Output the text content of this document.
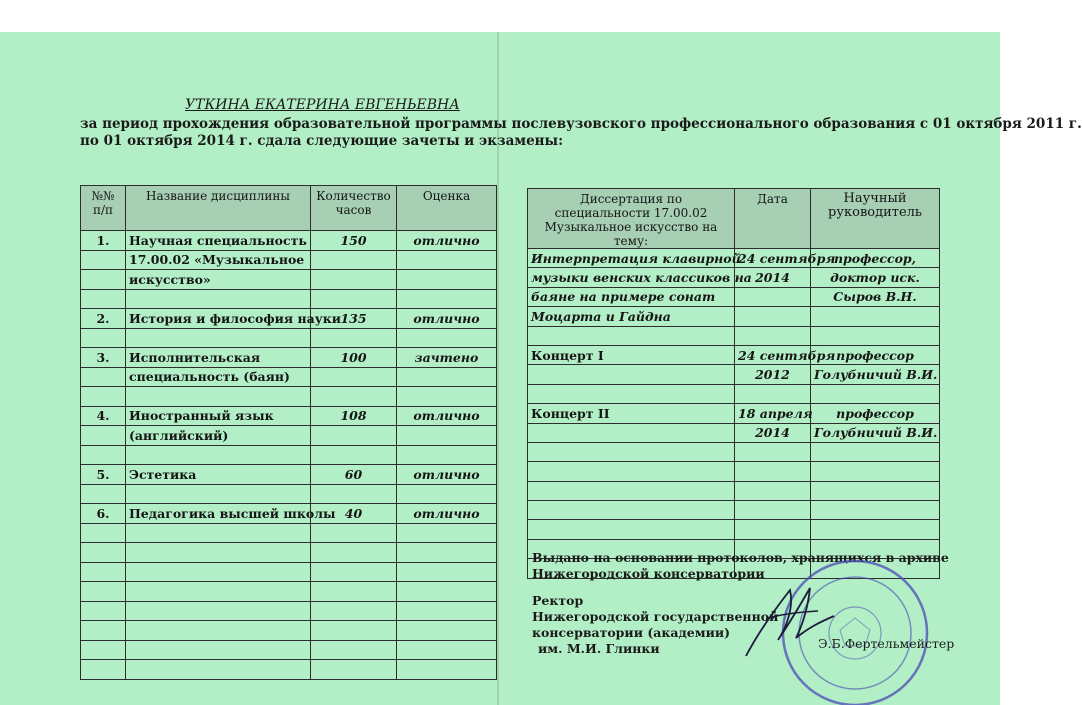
УТКИНА ЕКАТЕРИНА ЕВГЕНЬЕВНА
за период прохождения образовательной программы послевузовского профессионального образования с 01 октября 2011 г.
по 01 октября 2014 г. сдала следующие зачеты и экзамены:
№№ п/п	Название дисциплины	Количество часов	Оценка
1.	Научная специальность	150	отлично
	17.00.02 «Музыкальное		
	искусство»		

2.	История и философия науки	135	отлично

3.	Исполнительская	100	зачтено
	специальность (баян)		

4.	Иностранный язык	108	отлично
	(английский)		

5.	Эстетика	60	отлично

6.	Педагогика высшей школы	40	отлично

Диссертация по специальности 17.00.02 Музыкальное искусство на тему:	Дата	Научный руководитель
Интерпретация клавирной	24 сентября	профессор,
музыки венских классиков на	2014	доктор иск.
баяне на примере сонат		Сыров В.Н.
Моцарта и Гайдна		

Концерт I	24 сентября	профессор
	2012	Голубничий В.И.

Концерт II	18 апреля	профессор
	2014	Голубничий В.И.

Выдано на основании протоколов, хранящихся в архиве
Нижегородской консерватории
Ректор
Нижегородской государственной
консерватории (академии)
им. М.И. Глинки	Э.Б.Фертельмейстер
